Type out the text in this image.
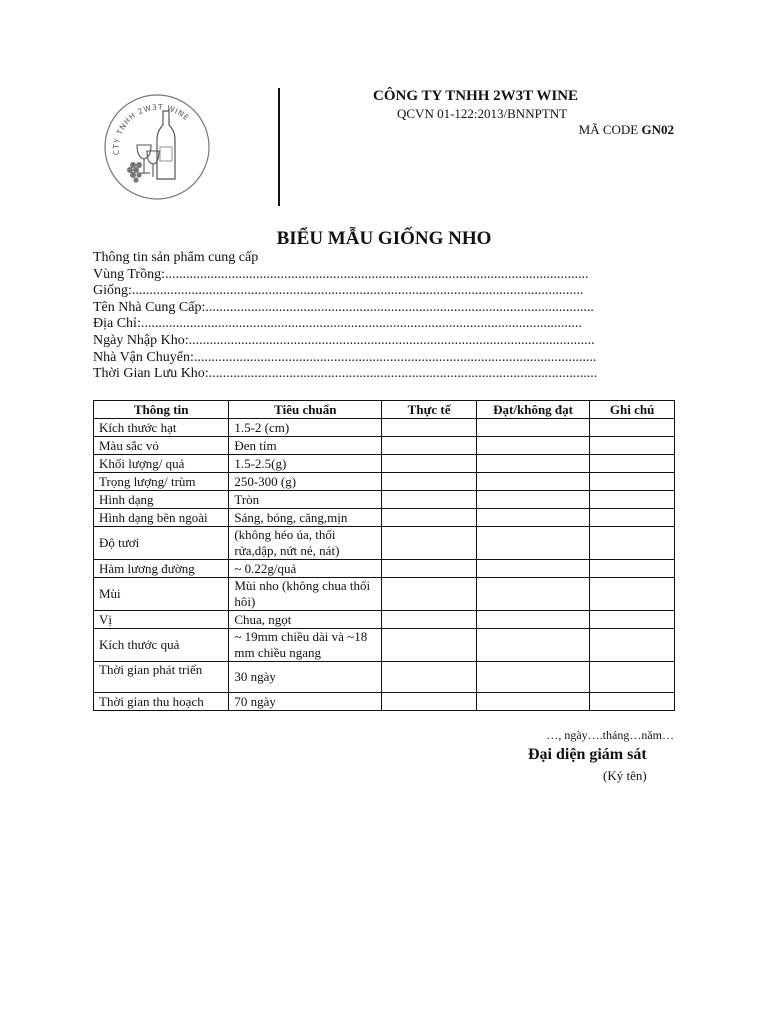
CTY TNHH 2W3T WINE
CÔNG TY TNHH 2W3T WINE
QCVN 01-122:2013/BNNPTNT
MÃ CODE GN02
BIỂU MẪU GIỐNG NHO
Thông tin sản phẩm cung cấp
Vùng Trồng:.........................................................................................................................
Giống:.................................................................................................................................
Tên Nhà Cung Cấp:...............................................................................................................
Địa Chỉ:..............................................................................................................................
Ngày Nhập Kho:....................................................................................................................
Nhà Vận Chuyển:...................................................................................................................
Thời Gian Lưu Kho:...............................................................................................................
Thông tin	Tiêu chuẩn	Thực tế	Đạt/không đạt	Ghi chú
Kích thước hạt	1.5-2 (cm)			
Màu sắc vỏ	Đen tím			
Khối lượng/ quả	1.5-2.5(g)			
Trọng lượng/ trùm	250-300 (g)			
Hình dạng	Tròn			
Hình dạng bên ngoài	Sáng, bóng, căng,mịn			
Độ tươi	(không héo úa, thối rửa,dập, nứt nẻ, nát)			
Hàm lương đường	~ 0.22g/quả			
Mùi	Mùi nho (không chua thối hôi)			
Vị	Chua, ngọt			
Kích thước quả	~ 19mm chiều dài và ~18 mm chiều ngang			
Thời gian phát triển	30 ngày			
Thời gian thu hoạch	70 ngày			
…, ngày….tháng…năm…
Đại diện giám sát
(Ký tên)
